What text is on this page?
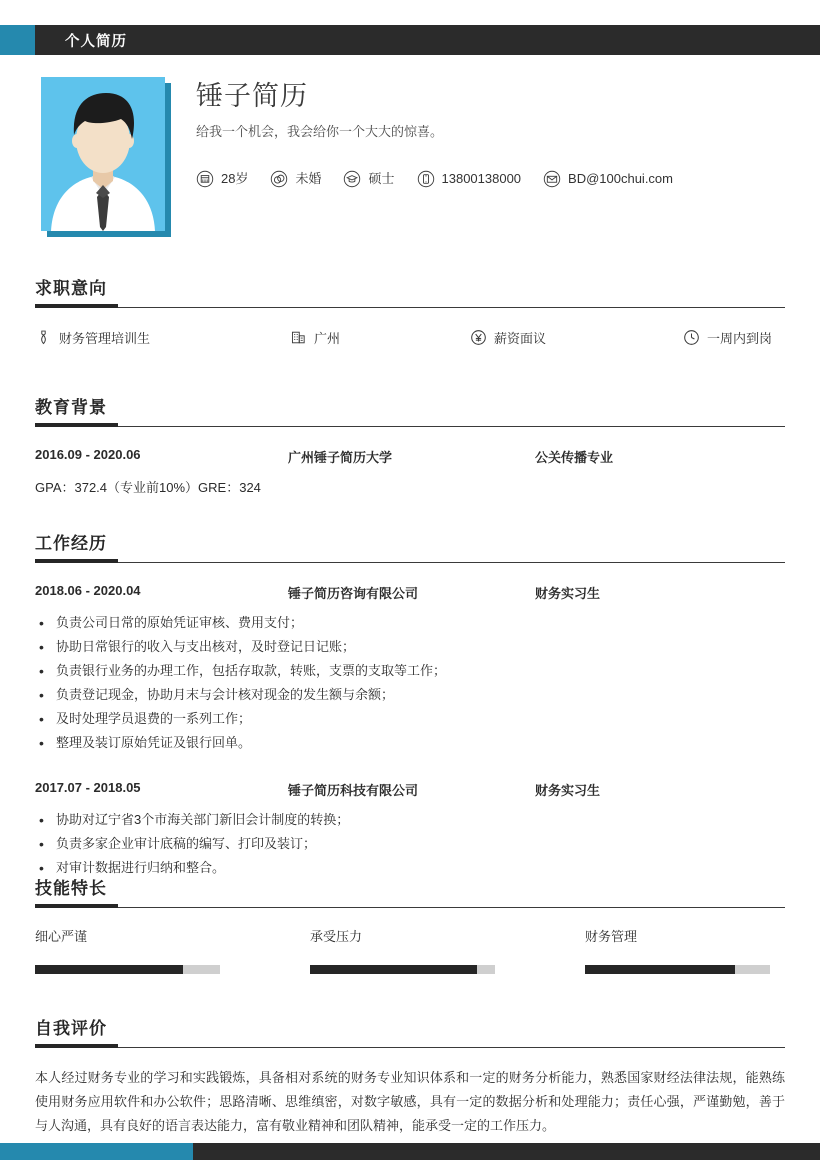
个人简历
锤子简历
给我一个机会，我会给你一个大大的惊喜。
28岁	未婚	硕士	13800138000	BD@100chui.com
求职意向
财务管理培训生	广州	薪资面议	一周内到岗
教育背景
2016.09 - 2020.06	广州锤子简历大学	公关传播专业
GPA：372.4（专业前10%）GRE：324
工作经历
2018.06 - 2020.04	锤子简历咨询有限公司	财务实习生
• 负责公司日常的原始凭证审核、费用支付；
• 协助日常银行的收入与支出核对，及时登记日记账；
• 负责银行业务的办理工作，包括存取款，转账，支票的支取等工作；
• 负责登记现金，协助月末与会计核对现金的发生额与余额；
• 及时处理学员退费的一系列工作；
• 整理及装订原始凭证及银行回单。
2017.07 - 2018.05	锤子简历科技有限公司	财务实习生
• 协助对辽宁省3个市海关部门新旧会计制度的转换；
• 负责多家企业审计底稿的编写、打印及装订；
• 对审计数据进行归纳和整合。
技能特长
细心严谨	承受压力	财务管理
自我评价
本人经过财务专业的学习和实践锻炼，具备相对系统的财务专业知识体系和一定的财务分析能力，熟悉国家财经法律法规，能熟练使用财务应用软件和办公软件；思路清晰、思维缜密，对数字敏感，具有一定的数据分析和处理能力；责任心强，严谨勤勉，善于与人沟通，具有良好的语言表达能力，富有敬业精神和团队精神，能承受一定的工作压力。
